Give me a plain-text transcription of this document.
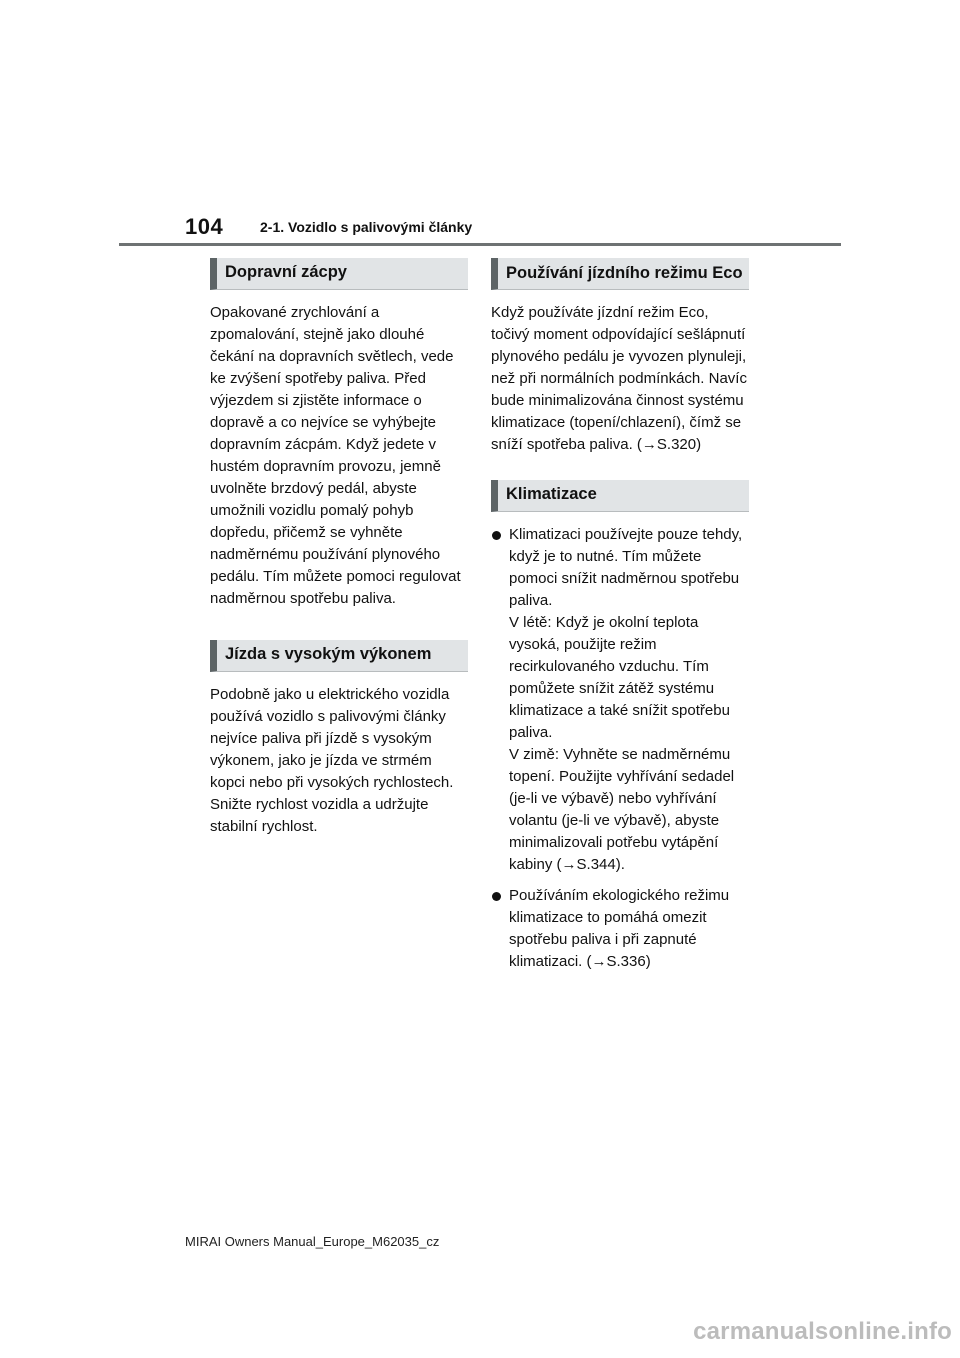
104	2-1. Vozidlo s palivovými články
Dopravní zácpy

Opakované zrychlování a zpomalování, stejně jako dlouhé čekání na dopravních světlech, vede ke zvýšení spotřeby paliva. Před výjezdem si zjistěte informace o dopravě a co nejvíce se vyhýbejte dopravním zácpám. Když jedete v hustém dopravním provozu, jemně uvolněte brzdový pedál, abyste umožnili vozidlu pomalý pohyb dopředu, přičemž se vyhněte nadměrnému používání plynového pedálu. Tím můžete pomoci regulovat nadměrnou spotřebu paliva.

Jízda s vysokým výkonem

Podobně jako u elektrického vozidla používá vozidlo s palivovými články nejvíce paliva při jízdě s vysokým výkonem, jako je jízda ve strmém kopci nebo při vysokých rychlostech. Snižte rychlost vozidla a udržujte stabilní rychlost.

Používání jízdního režimu Eco

Když používáte jízdní režim Eco, točivý moment odpovídající sešlápnutí plynového pedálu je vyvozen plynuleji, než při normálních podmínkách. Navíc bude minimalizována činnost systému klimatizace (topení/chlazení), čímž se sníží spotřeba paliva. (→S.320)

Klimatizace
Klimatizaci používejte pouze tehdy, když je to nutné. Tím můžete pomoci snížit nadměrnou spotřebu paliva.
V létě: Když je okolní teplota vysoká, použijte režim recirkulovaného vzduchu. Tím pomůžete snížit zátěž systému klimatizace a také snížit spotřebu paliva.
V zimě: Vyhněte se nadměrnému topení. Použijte vyhřívání sedadel (je-li ve výbavě) nebo vyhřívání volantu (je-li ve výbavě), abyste minimalizovali potřebu vytápění kabiny (→S.344).
Používáním ekologického režimu klimatizace to pomáhá omezit spotřebu paliva i při zapnuté klimatizaci. (→S.336)
MIRAI Owners Manual_Europe_M62035_cz
carmanualsonline.info
